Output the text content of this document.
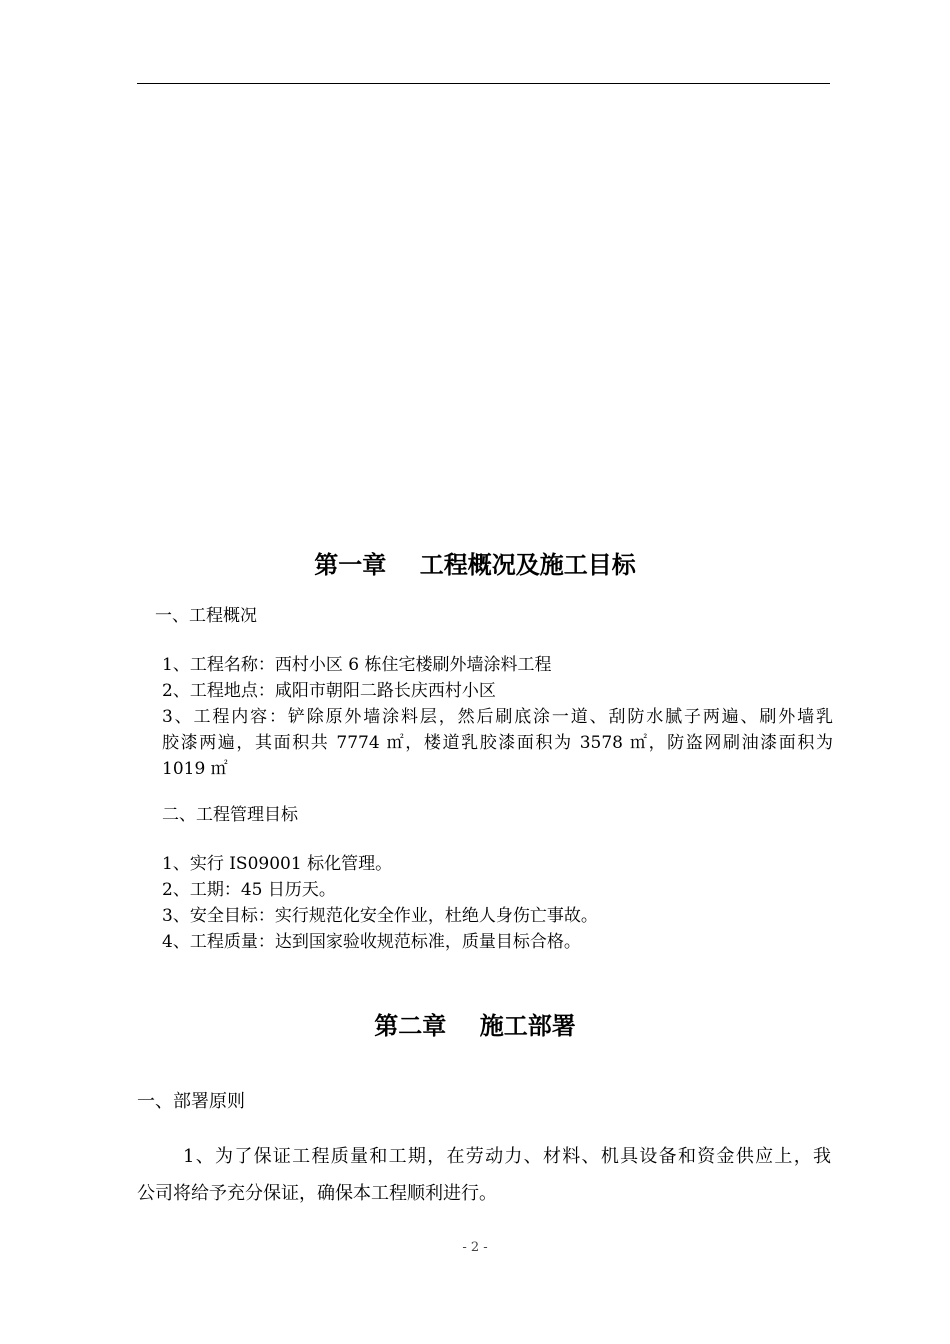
第一章    工程概况及施工目标
一、工程概况
1、工程名称：西村小区 6 栋住宅楼刷外墙涂料工程
2、工程地点：咸阳市朝阳二路长庆西村小区
3、工程内容：铲除原外墙涂料层，然后刷底涂一道、刮防水腻子两遍、刷外墙乳
胶漆两遍，其面积共 7774 ㎡，楼道乳胶漆面积为 3578 ㎡，防盗网刷油漆面积为
1019 ㎡
二、工程管理目标
1、实行 IS09001 标化管理。
2、工期：45 日历天。
3、安全目标：实行规范化安全作业，杜绝人身伤亡事故。
4、工程质量：达到国家验收规范标准，质量目标合格。
第二章    施工部署
一、部署原则
1、为了保证工程质量和工期，在劳动力、材料、机具设备和资金供应上，我
公司将给予充分保证，确保本工程顺利进行。
- 2 -
